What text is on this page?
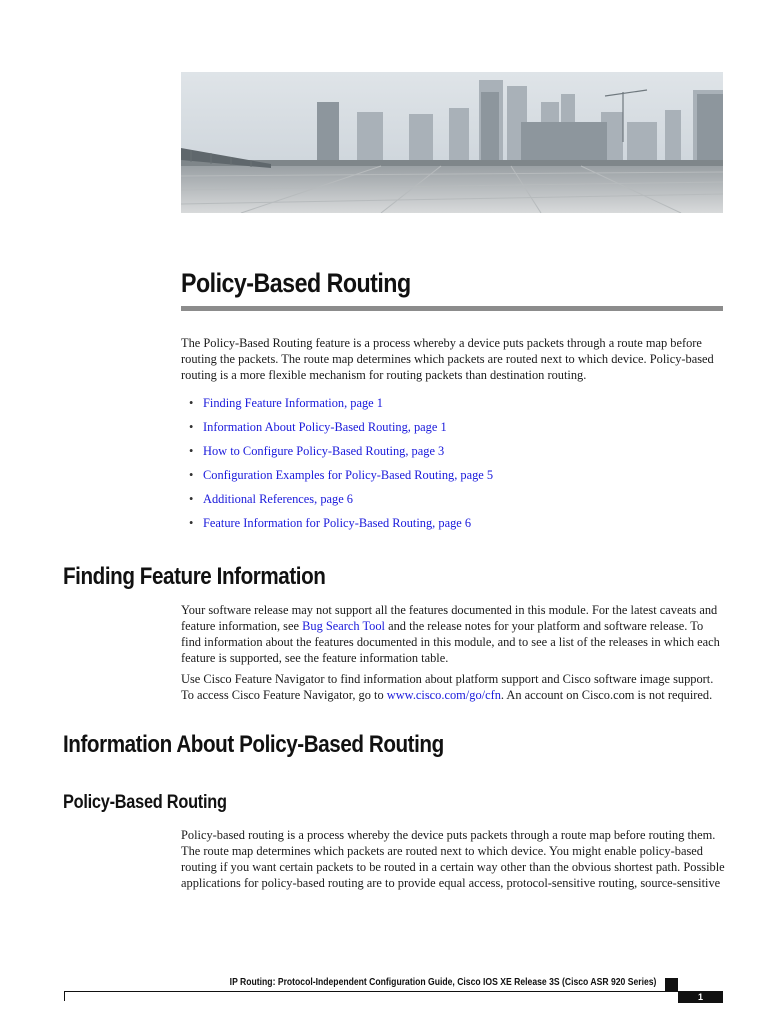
Policy-Based Routing

The Policy-Based Routing feature is a process whereby a device puts packets through a route map before routing the packets. The route map determines which packets are routed next to which device. Policy-based routing is a more flexible mechanism for routing packets than destination routing.

• Finding Feature Information, page 1
• Information About Policy-Based Routing, page 1
• How to Configure Policy-Based Routing, page 3
• Configuration Examples for Policy-Based Routing, page 5
• Additional References, page 6
• Feature Information for Policy-Based Routing, page 6
Finding Feature Information

Your software release may not support all the features documented in this module. For the latest caveats and feature information, see Bug Search Tool and the release notes for your platform and software release. To find information about the features documented in this module, and to see a list of the releases in which each feature is supported, see the feature information table.

Use Cisco Feature Navigator to find information about platform support and Cisco software image support. To access Cisco Feature Navigator, go to www.cisco.com/go/cfn. An account on Cisco.com is not required.

Information About Policy-Based Routing
Policy-Based Routing

Policy-based routing is a process whereby the device puts packets through a route map before routing them. The route map determines which packets are routed next to which device. You might enable policy-based routing if you want certain packets to be routed in a certain way other than the obvious shortest path. Possible applications for policy-based routing are to provide equal access, protocol-sensitive routing, source-sensitive

IP Routing: Protocol-Independent Configuration Guide, Cisco IOS XE Release 3S (Cisco ASR 920 Series)

1
